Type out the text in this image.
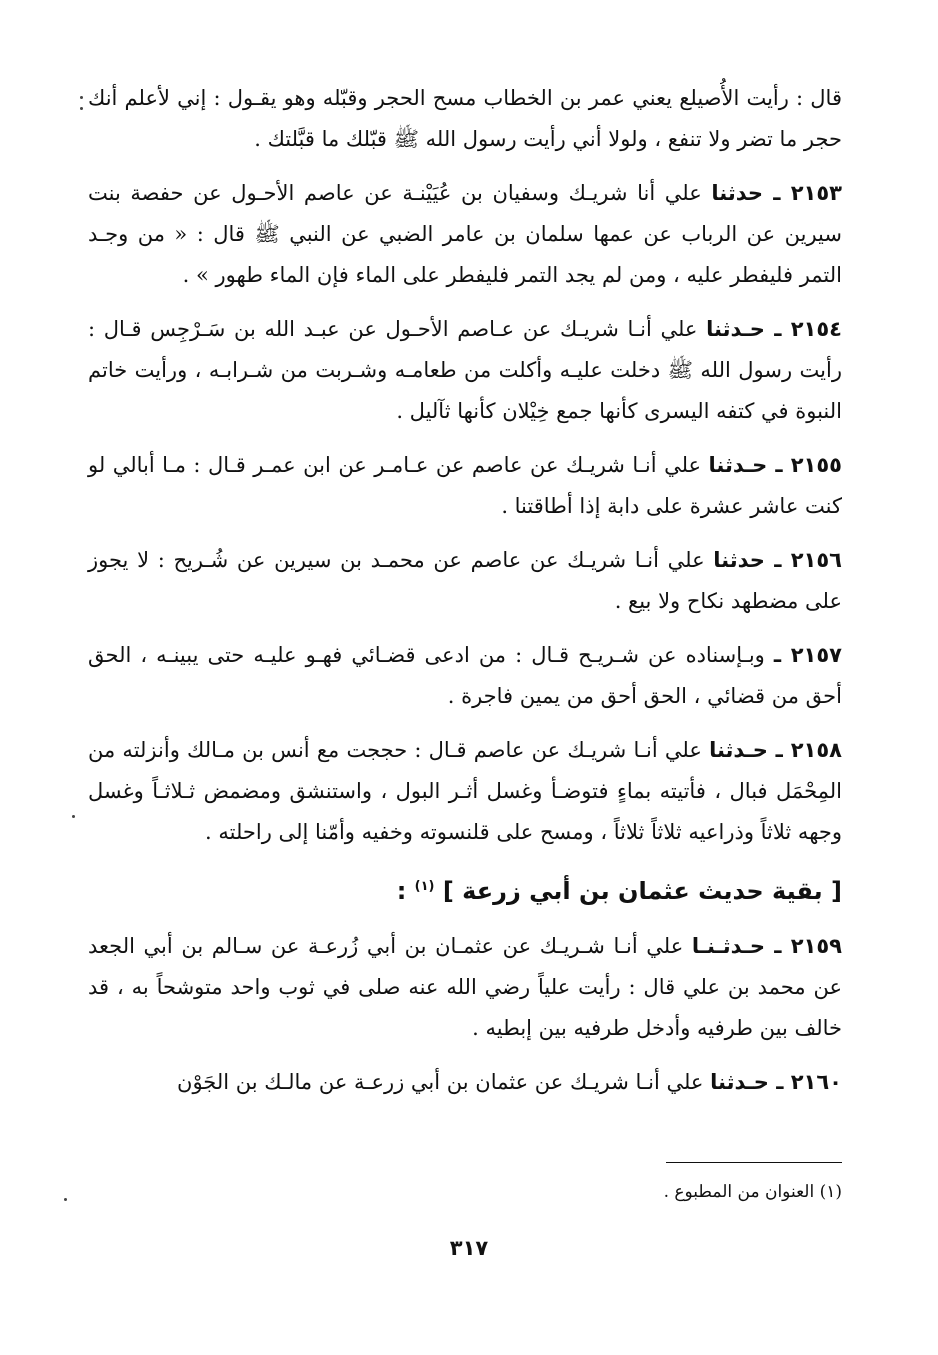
قال : رأيت الأُصيلع يعني عمر بن الخطاب مسح الحجر وقبّله وهو يقـول : إني لأعلم أنك حجر ما تضر ولا تنفع ، ولولا أني رأيت رسول الله ﷺ قبّلك ما قبَّلتك .

٢١٥٣ ـ حدثنا علي أنا شريـك وسفيان بن عُيَيْنـة عن عاصم الأحـول عن حفصة بنت سيرين عن الرباب عن عمها سلمان بن عامر الضبي عن النبي ﷺ قال : « من وجـد التمر فليفطر عليه ، ومن لم يجد التمر فليفطر على الماء فإن الماء طهور » .

٢١٥٤ ـ حـدثنا علي أنـا شريـك عن عـاصم الأحـول عن عبـد الله بن سَـرْجِس قـال : رأيت رسول الله ﷺ دخلت عليـه وأكلت من طعامـه وشـربت من شـرابـه ، ورأيت خاتم النبوة في كتفه اليسرى كأنها جمع خِيْلان كأنها ثآليل .

٢١٥٥ ـ حـدثنا علي أنـا شريـك عن عاصم عن عـامـر عن ابن عمـر قـال : مـا أبالي لو كنت عاشر عشرة على دابة إذا أطاقتنا .

٢١٥٦ ـ حدثنا علي أنـا شريـك عن عاصم عن محمـد بن سيرين عن شُـريح : لا يجوز على مضطهد نكاح ولا بيع .

٢١٥٧ ـ وبـإسناده عن شـريـح قـال : من ادعى قضـائي فهـو عليـه حتى يبينـه ، الحق أحق من قضائي ، الحق أحق من يمين فاجرة .

٢١٥٨ ـ حـدثنا علي أنـا شريـك عن عاصم قـال : حججت مع أنس بن مـالك وأنزلته من المِحْمَل فبال ، فأتيته بماءٍ فتوضـأ وغسل أثـر البول ، واستنشق ومضمض ثـلاثـاً وغسل وجهه ثلاثاً وذراعيه ثلاثاً ثلاثاً ، ومسح على قلنسوته وخفيه وأمّنا إلى راحلته .

[ بقية حديث عثمان بن أبي زرعة ] $^{(١)}$ :

٢١٥٩ ـ حـدثـنـا علي أنـا شـريـك عن عثمـان بن أبي زُرعـة عن سـالم بن أبي الجعد عن محمد بن علي قال : رأيت علياً رضي الله عنه صلى في ثوب واحد متوشحاً به ، قد خالف بين طرفيه وأدخل طرفيه بين إبطيه .

٢١٦٠ ـ حـدثنا علي أنـا شريـك عن عثمان بن أبي زرعـة عن مالـك بن الجَوْن

(١) العنوان من المطبوع .
٣١٧
